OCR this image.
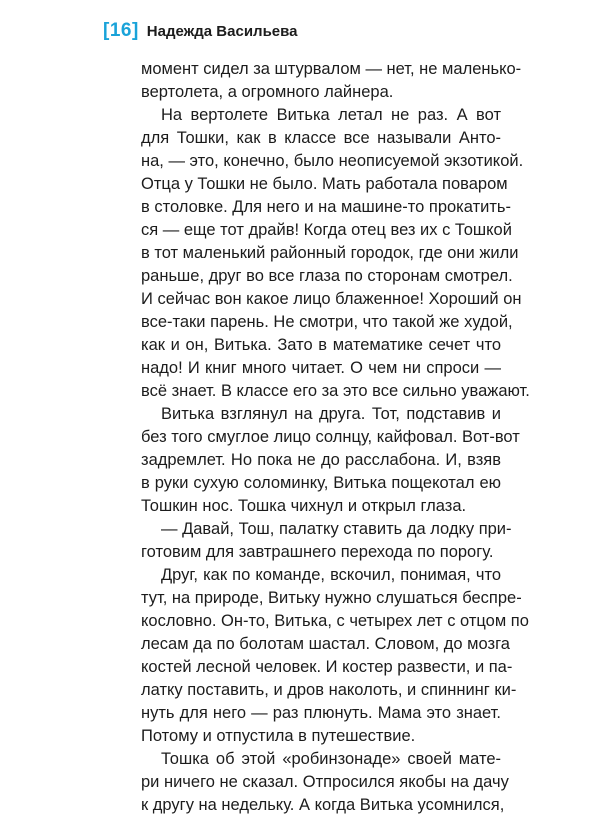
[16] Надежда Васильева
момент сидел за штурвалом — нет, не маленько-
вертолета, а огромного лайнера.
На вертолете Витька летал не раз. А вот
для Тошки, как в классе все называли Анто-
на, — это, конечно, было неописуемой экзотикой.
Отца у Тошки не было. Мать работала поваром
в столовке. Для него и на машине-то прокатить-
ся — еще тот драйв! Когда отец вез их с Тошкой
в тот маленький районный городок, где они жили
раньше, друг во все глаза по сторонам смотрел.
И сейчас вон какое лицо блаженное! Хороший он
все-таки парень. Не смотри, что такой же худой,
как и он, Витька. Зато в математике сечет что
надо! И книг много читает. О чем ни спроси —
всё знает. В классе его за это все сильно уважают.
Витька взглянул на друга. Тот, подставив и
без того смуглое лицо солнцу, кайфовал. Вот-вот
задремлет. Но пока не до расслабона. И, взяв
в руки сухую соломинку, Витька пощекотал ею
Тошкин нос. Тошка чихнул и открыл глаза.
— Давай, Тош, палатку ставить да лодку при-
готовим для завтрашнего перехода по порогу.
Друг, как по команде, вскочил, понимая, что
тут, на природе, Витьку нужно слушаться беспре-
кословно. Он-то, Витька, с четырех лет с отцом по
лесам да по болотам шастал. Словом, до мозга
костей лесной человек. И костер развести, и па-
латку поставить, и дров наколоть, и спиннинг ки-
нуть для него — раз плюнуть. Мама это знает.
Потому и отпустила в путешествие.
Тошка об этой «робинзонаде» своей мате-
ри ничего не сказал. Отпросился якобы на дачу
к другу на недельку. А когда Витька усомнился,
